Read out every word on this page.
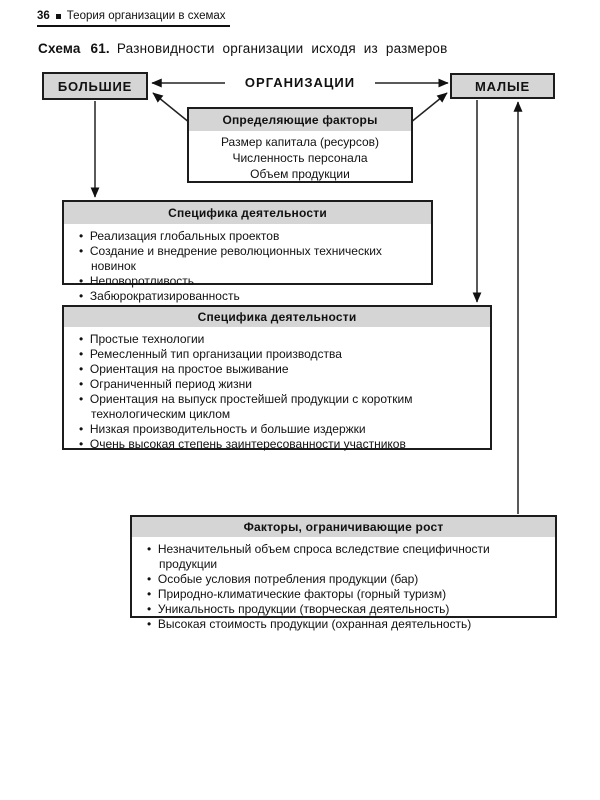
36 Теория организации в схемах
Схема 61. Разновидности организации исходя из размеров
БОЛЬШИЕ	ОРГАНИЗАЦИИ	МАЛЫЕ
Определяющие факторы
Размер капитала (ресурсов)
Численность персонала
Объем продукции
Специфика деятельности
•  Реализация глобальных проектов
•  Создание и внедрение революционных технических новинок
•  Неповоротливость
•  Забюрократизированность
Специфика деятельности
•  Простые технологии
•  Ремесленный тип организации производства
•  Ориентация на простое выживание
•  Ограниченный период жизни
•  Ориентация на выпуск простейшей продукции с коротким технологическим циклом
•  Низкая производительность и большие издержки
•  Очень высокая степень заинтересованности участников
Факторы, ограничивающие рост
•  Незначительный объем спроса вследствие специфичности продукции
•  Особые условия потребления продукции (бар)
•  Природно-климатические факторы (горный туризм)
•  Уникальность продукции (творческая деятельность)
•  Высокая стоимость продукции (охранная деятельность)
